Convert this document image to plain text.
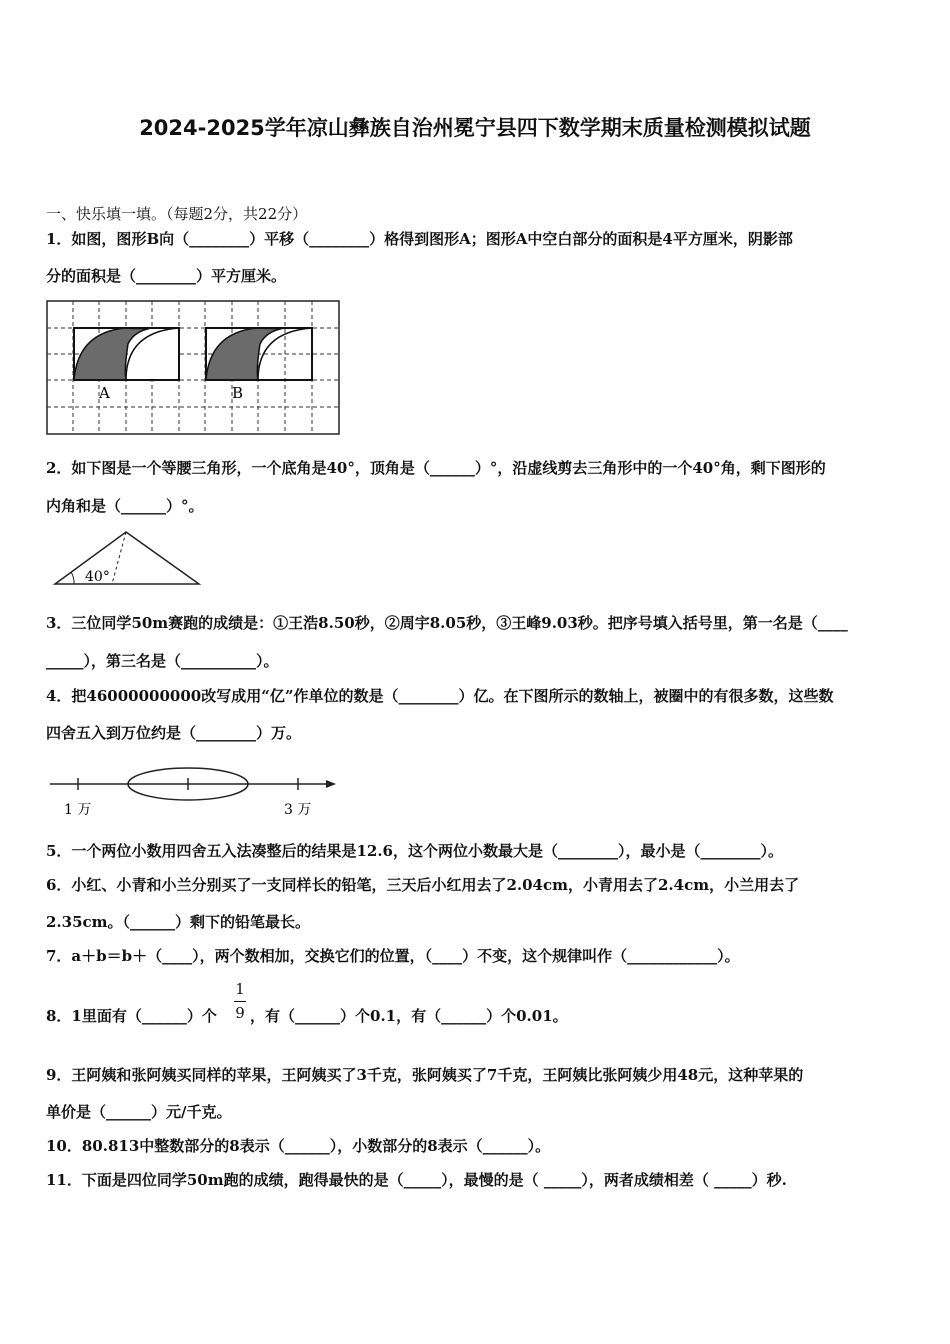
2024-2025学年凉山彝族自治州冕宁县四下数学期末质量检测模拟试题
一、快乐填一填。（每题2分，共22分）
1．如图，图形B向（________）平移（________）格得到图形A；图形A中空白部分的面积是4平方厘米，阴影部
分的面积是（________）平方厘米。
A	B
2．如下图是一个等腰三角形，一个底角是40°，顶角是（______）°，沿虚线剪去三角形中的一个40°角，剩下图形的
内角和是（______）°。
40°
3．三位同学50m赛跑的成绩是：①王浩8.50秒，②周宇8.05秒，③王峰9.03秒。把序号填入括号里，第一名是（____
_____），第三名是（__________）。
4．把46000000000改写成用“亿”作单位的数是（________）亿。在下图所示的数轴上，被圈中的有很多数，这些数
四舍五入到万位约是（________）万。
1 万	3 万
5．一个两位小数用四舍五入法凑整后的结果是12.6，这个两位小数最大是（________），最小是（________）。
6．小红、小青和小兰分别买了一支同样长的铅笔，三天后小红用去了2.04cm，小青用去了2.4cm，小兰用去了
2.35cm。（______）剩下的铅笔最长。
7．a＋b＝b＋（____），两个数相加，交换它们的位置，（____）不变，这个规律叫作（____________）。
8．1里面有（______）个
1
9 ，有（______）个0.1，有（______）个0.01。
9．王阿姨和张阿姨买同样的苹果，王阿姨买了3千克，张阿姨买了7千克，王阿姨比张阿姨少用48元，这种苹果的
单价是（______）元/千克。
10．80.813中整数部分的8表示（______），小数部分的8表示（______）。
11．下面是四位同学50m跑的成绩，跑得最快的是（_____），最慢的是（ _____），两者成绩相差（ _____）秒.
